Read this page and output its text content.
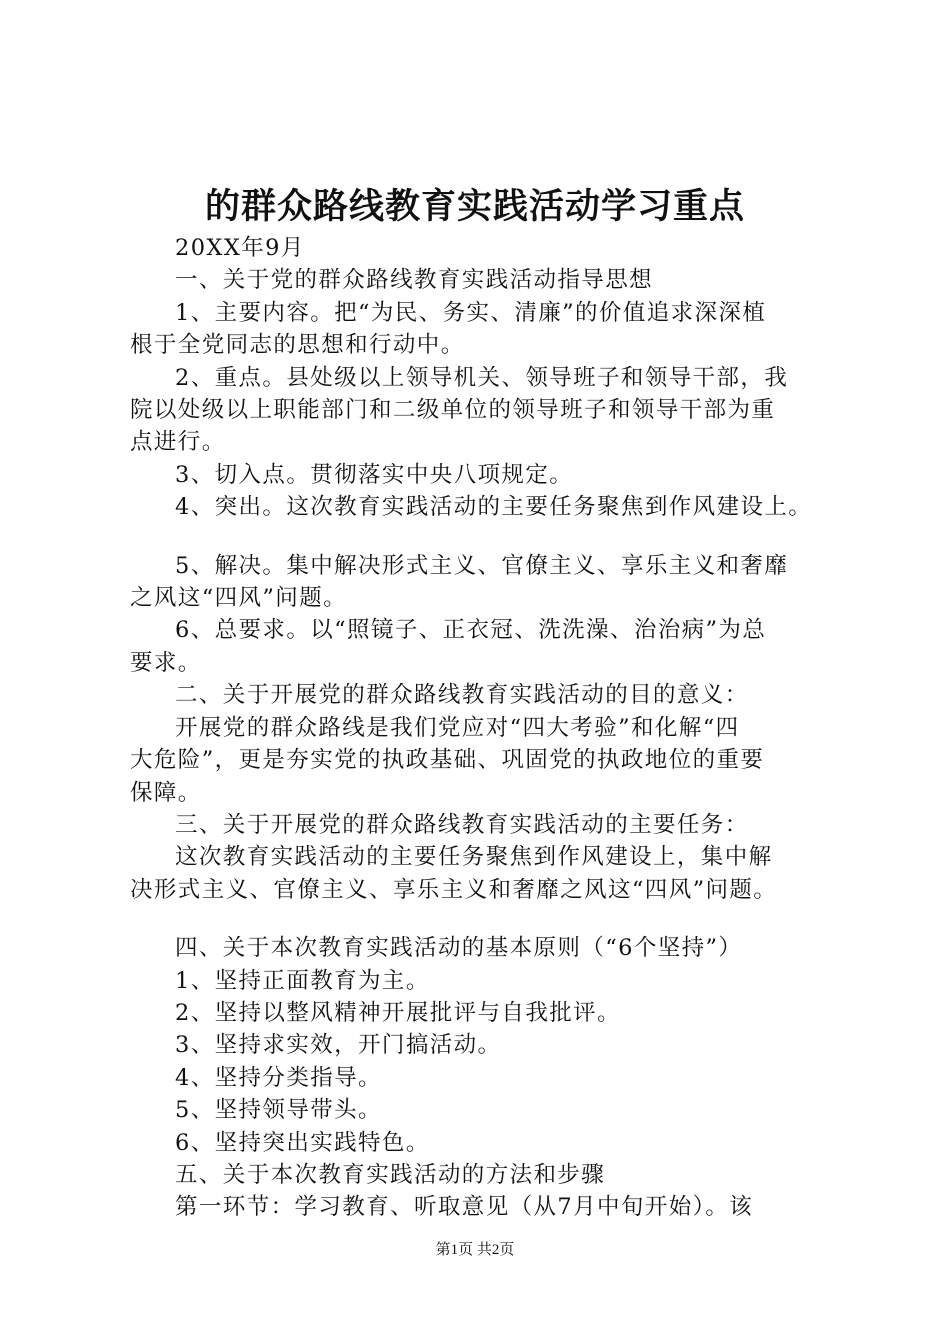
的群众路线教育实践活动学习重点

20XX年9月

一、关于党的群众路线教育实践活动指导思想

1、主要内容。把“为民、务实、清廉”的价值追求深深植

根于全党同志的思想和行动中。

2、重点。县处级以上领导机关、领导班子和领导干部，我

院以处级以上职能部门和二级单位的领导班子和领导干部为重

点进行。

3、切入点。贯彻落实中央八项规定。

4、突出。这次教育实践活动的主要任务聚焦到作风建设上。

5、解决。集中解决形式主义、官僚主义、享乐主义和奢靡

之风这“四风”问题。

6、总要求。以“照镜子、正衣冠、洗洗澡、治治病”为总

要求。

二、关于开展党的群众路线教育实践活动的目的意义：

开展党的群众路线是我们党应对“四大考验”和化解“四

大危险”，更是夯实党的执政基础、巩固党的执政地位的重要

保障。

三、关于开展党的群众路线教育实践活动的主要任务：

这次教育实践活动的主要任务聚焦到作风建设上，集中解

决形式主义、官僚主义、享乐主义和奢靡之风这“四风”问题。

四、关于本次教育实践活动的基本原则（“6个坚持”）

1、坚持正面教育为主。

2、坚持以整风精神开展批评与自我批评。

3、坚持求实效，开门搞活动。

4、坚持分类指导。

5、坚持领导带头。

6、坚持突出实践特色。

五、关于本次教育实践活动的方法和步骤

第一环节：学习教育、听取意见（从7月中旬开始）。该

第1页 共2页
